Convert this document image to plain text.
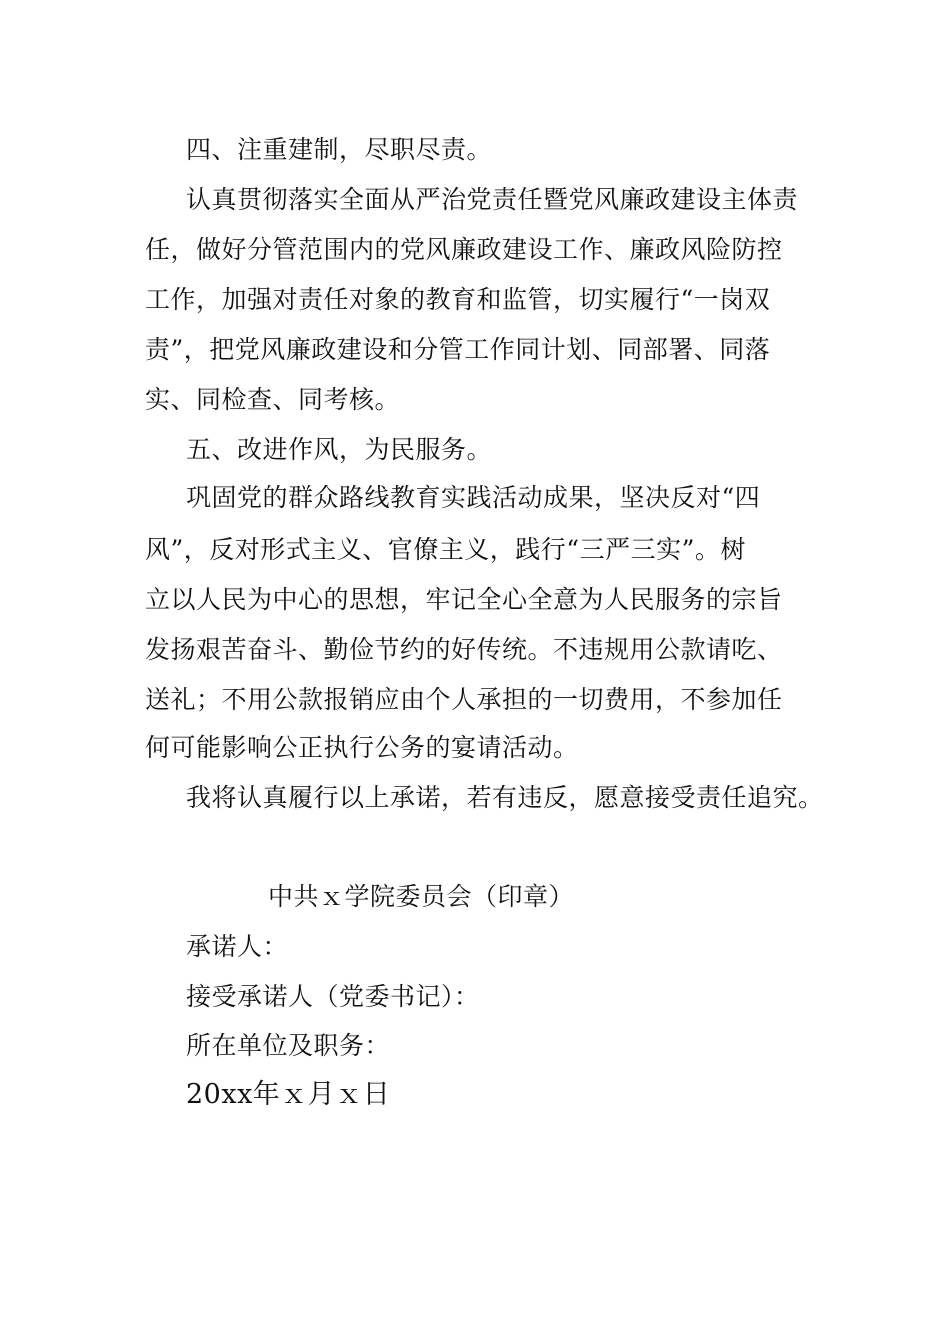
四、注重建制，尽职尽责。
认真贯彻落实全面从严治党责任暨党风廉政建设主体责
任，做好分管范围内的党风廉政建设工作、廉政风险防控
工作，加强对责任对象的教育和监管，切实履行“一岗双
责”，把党风廉政建设和分管工作同计划、同部署、同落
实、同检查、同考核。
五、改进作风，为民服务。
巩固党的群众路线教育实践活动成果，坚决反对“四
风”，反对形式主义、官僚主义，践行“三严三实”。树
立以人民为中心的思想，牢记全心全意为人民服务的宗旨
发扬艰苦奋斗、勤俭节约的好传统。不违规用公款请吃、
送礼；不用公款报销应由个人承担的一切费用，不参加任
何可能影响公正执行公务的宴请活动。
我将认真履行以上承诺，若有违反，愿意接受责任追究。
中共ｘ学院委员会（印章）
承诺人：
接受承诺人（党委书记）：
所在单位及职务：
20xx年ｘ月ｘ日
